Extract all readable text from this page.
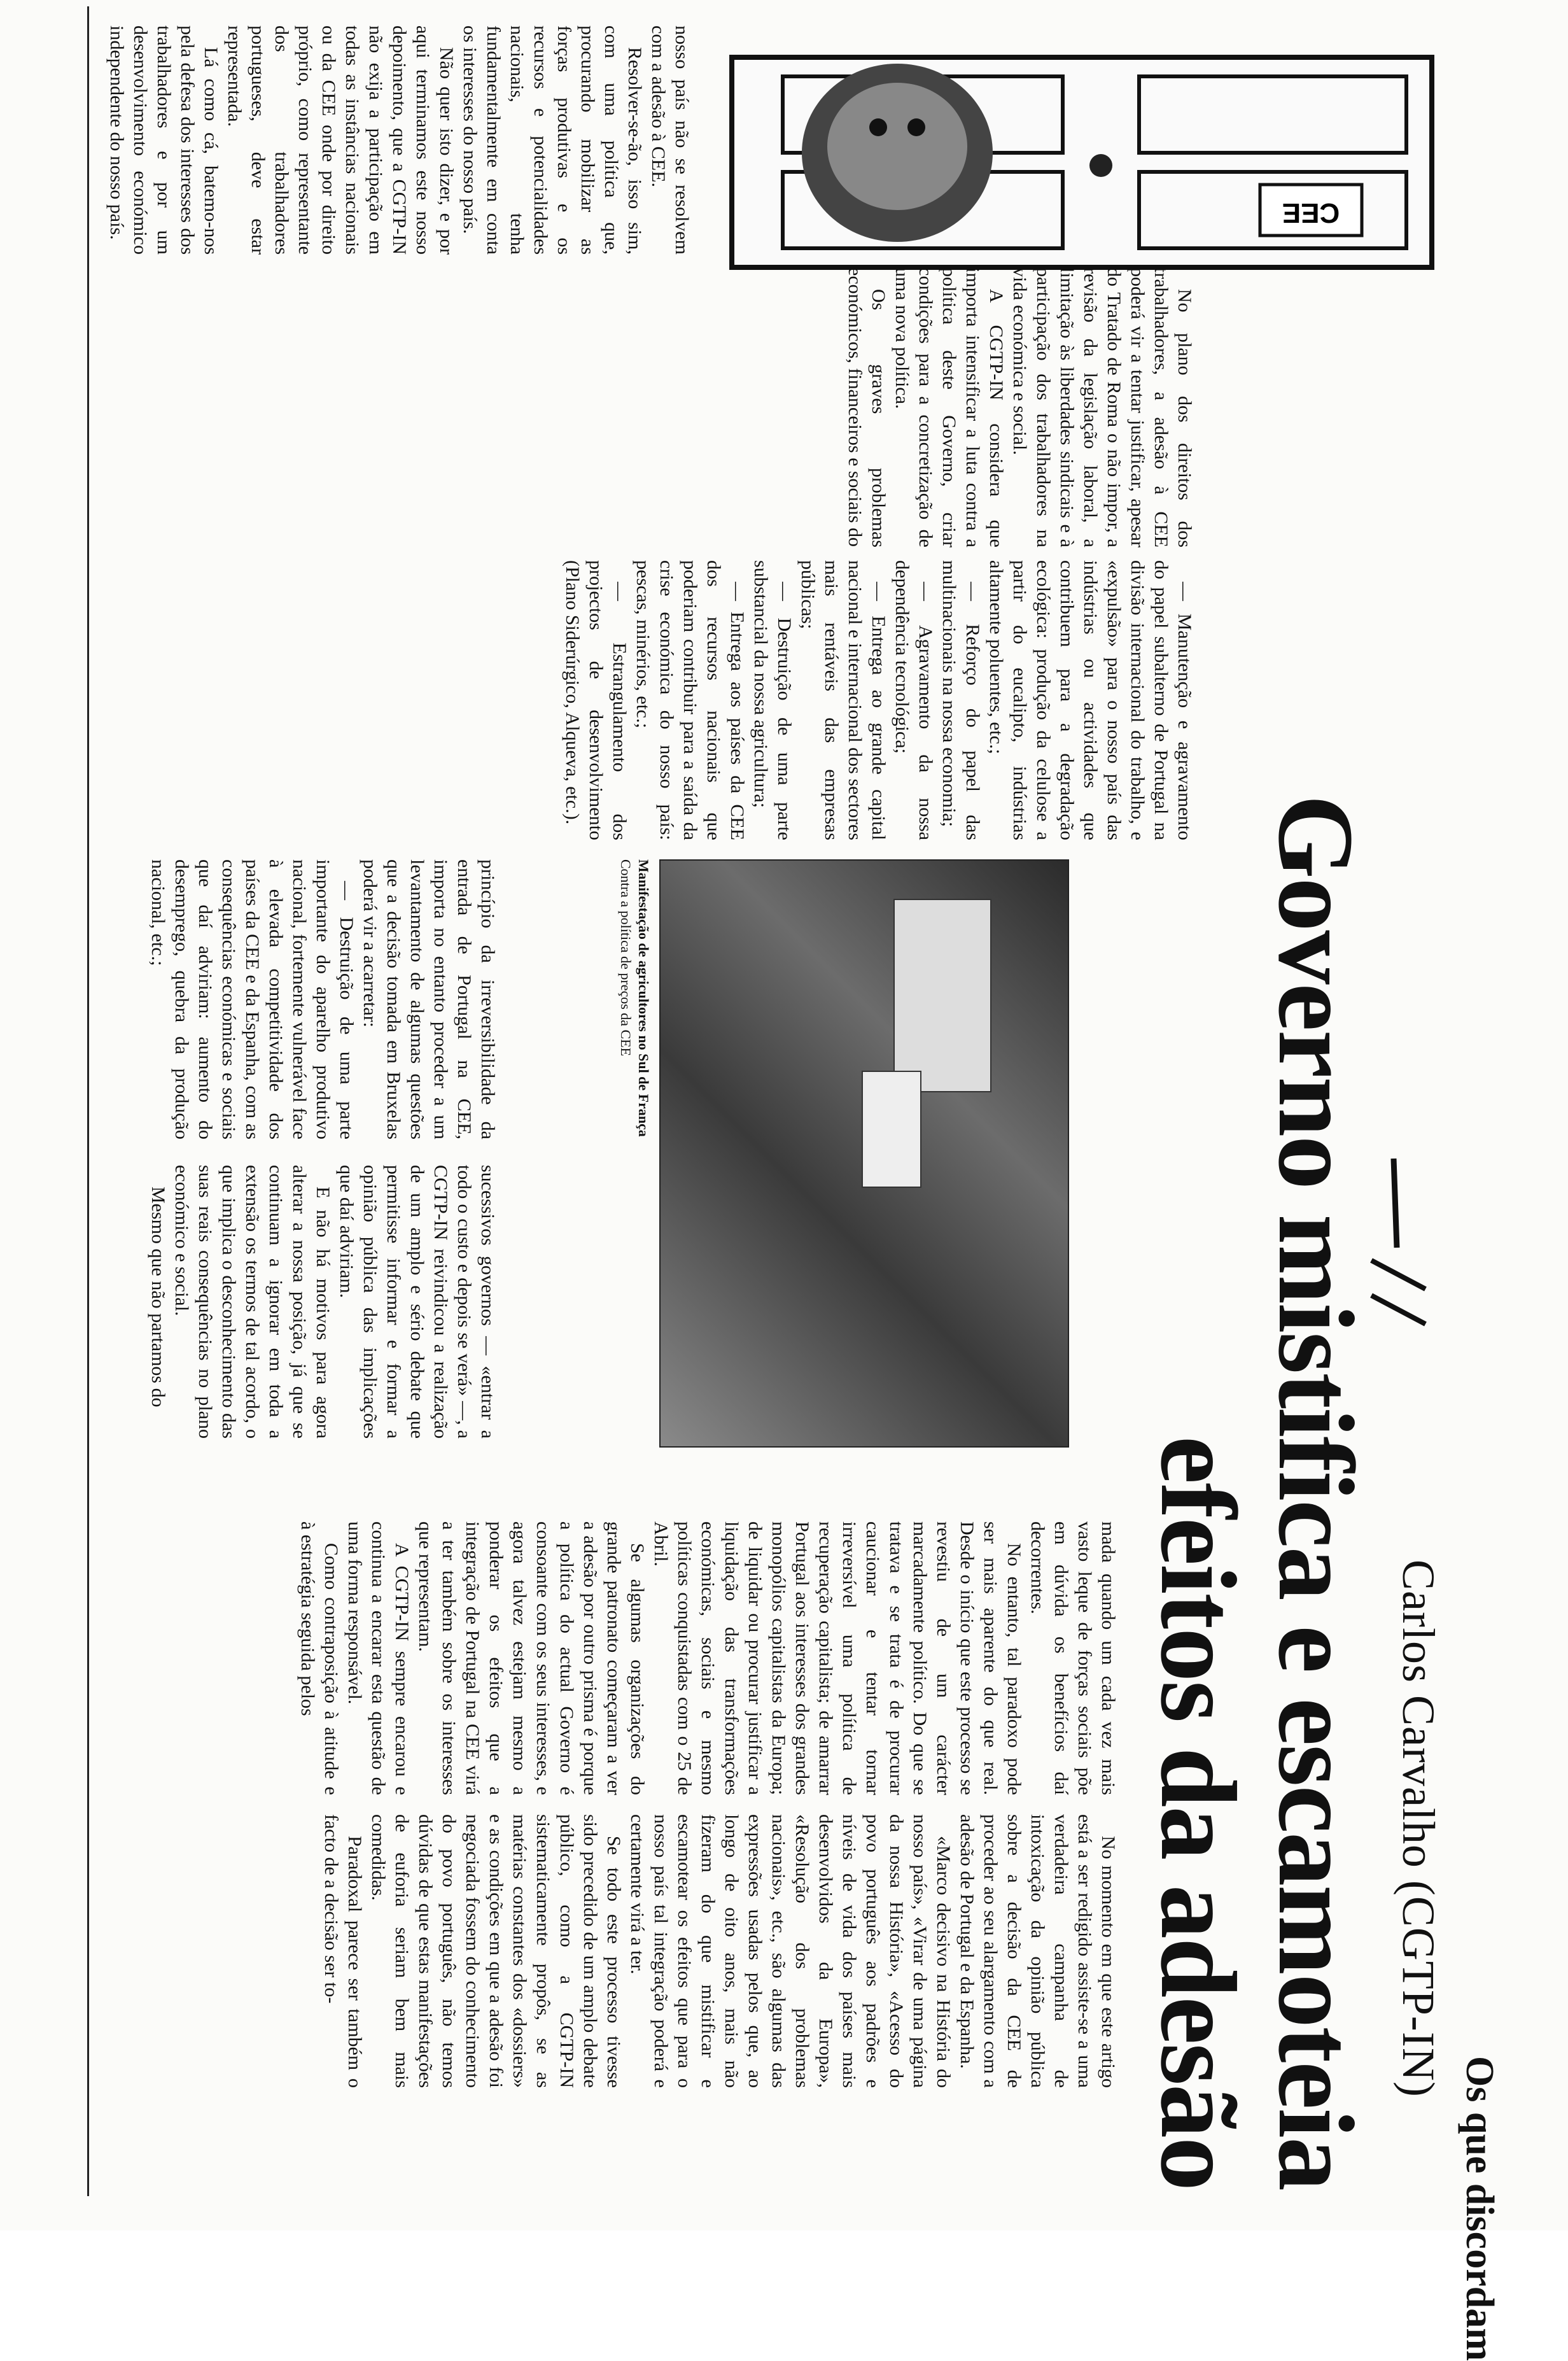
Os que discordam
Carlos Carvalho (CGTP-IN)
Governo mistifica e escamoteia
efeitos da adesão

No momento em que este artigo está a ser redigido assiste-se a uma verdadeira campanha de intoxicação da opinião pública sobre a decisão da CEE de proceder ao seu alargamento com a adesão de Portugal e da Espanha.

«Marco decisivo na História do nosso país», «Virar de uma página da nossa História», «Acesso do povo português aos padrões e níveis de vida dos países mais desenvolvidos da Europa», «Resolução dos problemas nacionais», etc., são algumas das expressões usadas pelos que, ao longo de oito anos, mais não fizeram do que mistificar e escamotear os efeitos que para o nosso país tal integração poderá e certamente virá a ter.

Se todo este processo tivesse sido precedido de um amplo debate público, como a CGTP-IN sistematicamente propôs, se as matérias constantes dos «dossiers» e as condições em que a adesão foi negociada fossem do conhecimento do povo português, não temos dúvidas de que estas manifestações de euforia seriam bem mais comedidas.

Paradoxal parece ser também o facto de a decisão ser to-

mada quando um cada vez mais vasto leque de forças sociais põe em dúvida os benefícios daí decorrentes.

No entanto, tal paradoxo pode ser mais aparente do que real. Desde o início que este processo se revestiu de um carácter marcadamente político. Do que se tratava e se trata é de procurar caucionar e tentar tornar irreversível uma política de recuperação capitalista; de amarrar Portugal aos interesses dos grandes monopólios capitalistas da Europa; de liquidar ou procurar justificar a liquidação das transformações económicas, sociais e mesmo políticas conquistadas com o 25 de Abril.

Se algumas organizações do grande patronato começaram a ver a adesão por outro prisma é porque a política do actual Governo é consoante com os seus interesses, e agora talvez estejam mesmo a ponderar os efeitos que a integração de Portugal na CEE virá a ter também sobre os interesses que representam.

A CGTP-IN sempre encarou e continua a encarar esta questão de uma forma responsável.

Como contraposição à atitude e à estratégia seguida pelos

Manifestação de agricultores no Sul de França
Contra a política de preços da CEE

sucessivos governos — «entrar a todo o custo e depois se verá» —, a CGTP-IN reivindicou a realização de um amplo e sério debate que permitisse informar e formar a opinião pública das implicações que daí adviriam.

E não há motivos para agora alterar a nossa posição, já que se continuam a ignorar em toda a extensão os termos de tal acordo, o que implica o desconhecimento das suas reais consequências no plano económico e social.

Mesmo que não partamos do

princípio da irreversibilidade da entrada de Portugal na CEE, importa no entanto proceder a um levantamento de algumas questões que a decisão tomada em Bruxelas poderá vir a acarretar:

— Destruição de uma parte importante do aparelho produtivo nacional, fortemente vulnerável face à elevada competitividade dos países da CEE e da Espanha, com as consequências económicas e sociais que daí adviriam: aumento do desemprego, quebra da produção nacional, etc.;

— Manutenção e agravamento do papel subalterno de Portugal na divisão internacional do trabalho, e «expulsão» para o nosso país das indústrias ou actividades que contribuem para a degradação ecológica: produção da celulose a partir do eucalipto, indústrias altamente poluentes, etc.;

— Reforço do papel das multinacionais na nossa economia;

— Agravamento da nossa dependência tecnológica;

— Entrega ao grande capital nacional e internacional dos sectores mais rentáveis das empresas públicas;

— Destruição de uma parte substancial da nossa agricultura;

— Entrega aos países da CEE dos recursos nacionais que poderiam contribuir para a saída da crise económica do nosso país: pescas, minérios, etc.;

— Estrangulamento dos projectos de desenvolvimento (Plano Siderúrgico, Alqueva, etc.).

No plano dos direitos dos trabalhadores, a adesão à CEE poderá vir a tentar justificar, apesar do Tratado de Roma o não impor, a revisão da legislação laboral, a limitação às liberdades sindicais e à participação dos trabalhadores na vida económica e social.

A CGTP-IN considera que importa intensificar a luta contra a política deste Governo, criar condições para a concretização de uma nova política.

Os graves problemas económicos, financeiros e sociais do

CEE

nosso país não se resolvem com a adesão à CEE.

Resolver-se-ão, isso sim, com uma política que, procurando mobilizar as forças produtivas e os recursos e potencialidades nacionais, tenha fundamentalmente em conta os interesses do nosso país.

Não quer isto dizer, e por aqui terminamos este nosso depoimento, que a CGTP-IN não exija a participação em todas as instâncias nacionais ou da CEE onde por direito próprio, como representante dos trabalhadores portugueses, deve estar representada.

Lá como cá, batemo-nos pela defesa dos interesses dos trabalhadores e por um desenvolvimento económico independente do nosso país.
